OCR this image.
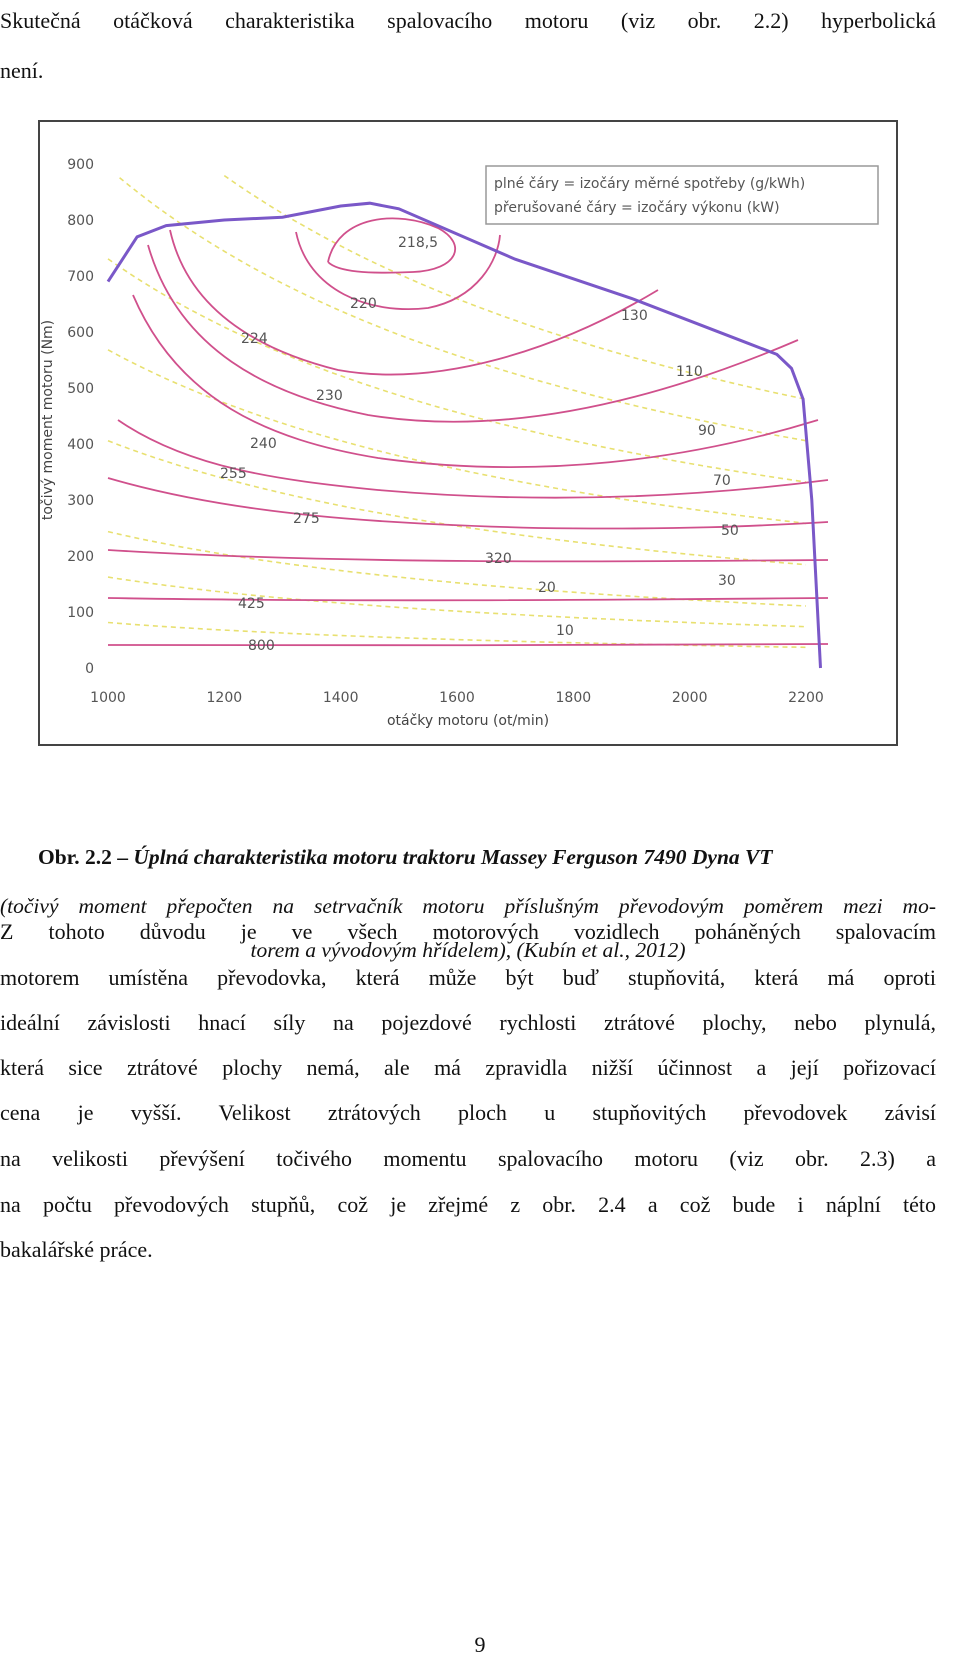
Skutečná otáčková charakteristika spalovacího motoru (viz obr. 2.2) hyperbolická
není.
0
100
200
300
400
500
600
700
800
900
1000	1200	1400	1600	1800	2000	2200
218,5
220
224
230
240
255
275
320
425
800
130
110
90
70
50
30
20
10
plné čáry = izočáry měrné spotřeby (g/kWh)
přerušované čáry = izočáry výkonu (kW)
otáčky motoru (ot/min)
točivý moment motoru (Nm)
Obr. 2.2 – Úplná charakteristika motoru traktoru Massey Ferguson 7490 Dyna VT
(točivý moment přepočten na setrvačník motoru příslušným převodovým poměrem mezi mo-
torem a vývodovým hřídelem), (Kubín et al., 2012)
Z tohoto důvodu je ve všech motorových vozidlech poháněných spalovacím
motorem umístěna převodovka, která může být buď stupňovitá, která má oproti
ideální závislosti hnací síly na pojezdové rychlosti ztrátové plochy, nebo plynulá,
která sice ztrátové plochy nemá, ale má zpravidla nižší účinnost a její pořizovací
cena je vyšší. Velikost ztrátových ploch u stupňovitých převodovek závisí
na velikosti převýšení točivého momentu spalovacího motoru (viz obr. 2.3) a
na počtu převodových stupňů, což je zřejmé z obr. 2.4 a což bude i náplní této
bakalářské práce.
9
